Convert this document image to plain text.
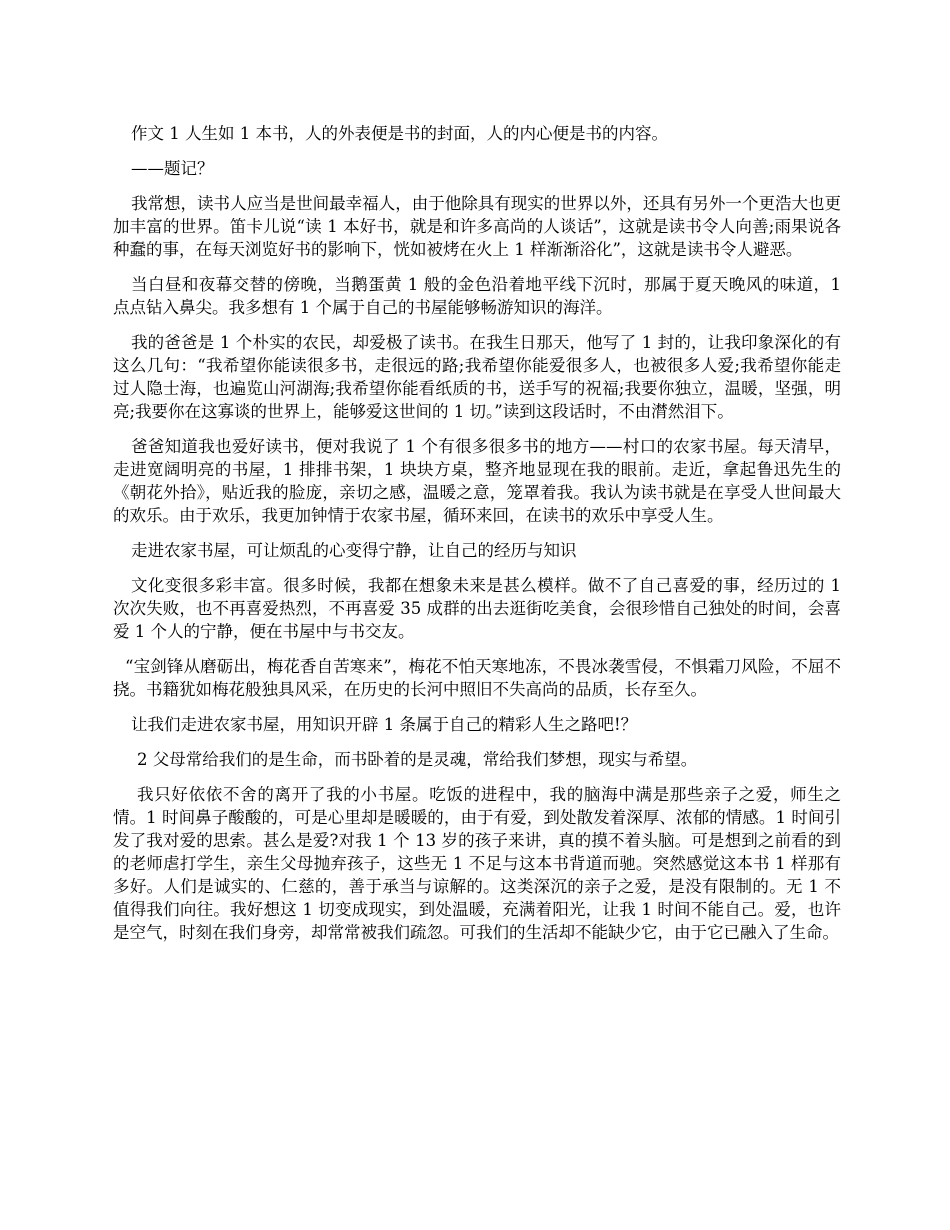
作文 1 人生如 1 本书，人的外表便是书的封面，人的内心便是书的内容。

——题记？

我常想，读书人应当是世间最幸福人，由于他除具有现实的世界以外，还具有另外一个更浩大也更加丰富的世界。笛卡儿说“读 1 本好书，就是和许多高尚的人谈话”，这就是读书令人向善;雨果说各种蠢的事，在每天浏览好书的影响下，恍如被烤在火上 1 样渐渐浴化”，这就是读书令人避恶。

当白昼和夜幕交替的傍晚，当鹅蛋黄 1 般的金色沿着地平线下沉时，那属于夏天晚风的味道，1 点点钻入鼻尖。我多想有 1 个属于自己的书屋能够畅游知识的海洋。

我的爸爸是 1 个朴实的农民，却爱极了读书。在我生日那天，他写了 1 封的，让我印象深化的有这么几句：“我希望你能读很多书，走很远的路;我希望你能爱很多人，也被很多人爱;我希望你能走过人隐士海，也遍览山河湖海;我希望你能看纸质的书，送手写的祝福;我要你独立，温暖，坚强，明亮;我要你在这寡谈的世界上，能够爱这世间的 1 切。”读到这段话时，不由潸然泪下。

爸爸知道我也爱好读书，便对我说了 1 个有很多很多书的地方——村口的农家书屋。每天清早，走进宽阔明亮的书屋，1 排排书架，1 块块方桌，整齐地显现在我的眼前。走近，拿起鲁迅先生的《朝花外拾》，贴近我的脸庞，亲切之感，温暖之意，笼罩着我。我认为读书就是在享受人世间最大的欢乐。由于欢乐，我更加钟情于农家书屋，循环来回，在读书的欢乐中享受人生。

走进农家书屋，可让烦乱的心变得宁静，让自己的经历与知识

文化变很多彩丰富。很多时候，我都在想象未来是甚么模样。做不了自己喜爱的事，经历过的 1 次次失败，也不再喜爱热烈，不再喜爱 35 成群的出去逛街吃美食，会很珍惜自己独处的时间，会喜爱 1 个人的宁静，便在书屋中与书交友。

“宝剑锋从磨砺出，梅花香自苦寒来”，梅花不怕天寒地冻，不畏冰袭雪侵，不惧霜刀风险，不屈不挠。书籍犹如梅花般独具风采，在历史的长河中照旧不失高尚的品质，长存至久。

让我们走进农家书屋，用知识开辟 1 条属于自己的精彩人生之路吧!？

2 父母常给我们的是生命，而书卧着的是灵魂，常给我们梦想，现实与希望。

我只好依依不舍的离开了我的小书屋。吃饭的进程中，我的脑海中满是那些亲子之爱，师生之情。1 时间鼻子酸酸的，可是心里却是暖暖的，由于有爱，到处散发着深厚、浓郁的情感。1 时间引发了我对爱的思索。甚么是爱?对我 1 个 13 岁的孩子来讲，真的摸不着头脑。可是想到之前看的到的老师虐打学生，亲生父母抛弃孩子，这些无 1 不足与这本书背道而驰。突然感觉这本书 1 样那有多好。人们是诚实的、仁慈的，善于承当与谅解的。这类深沉的亲子之爱，是没有限制的。无 1 不值得我们向往。我好想这 1 切变成现实，到处温暖，充满着阳光，让我 1 时间不能自己。爱，也许是空气，时刻在我们身旁，却常常被我们疏忽。可我们的生活却不能缺少它，由于它已融入了生命。
